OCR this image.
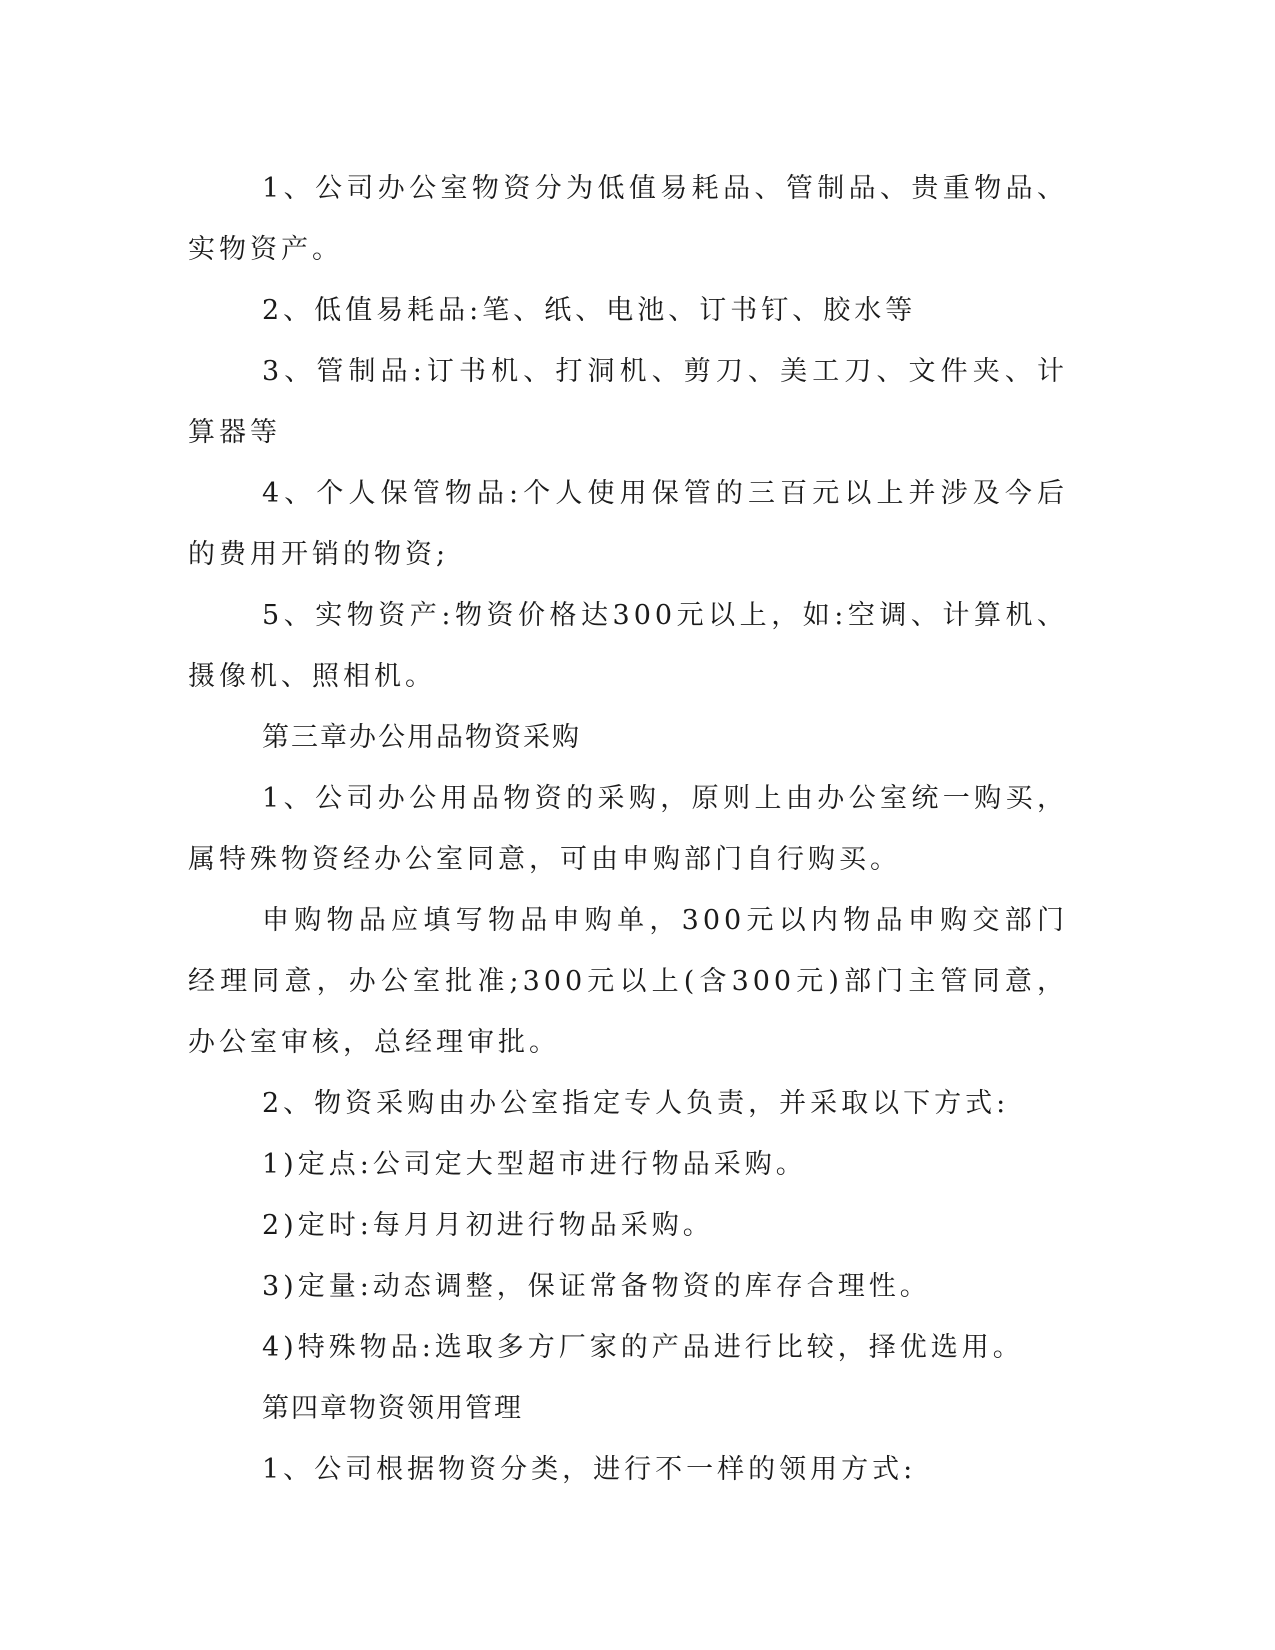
1、公司办公室物资分为低值易耗品、管制品、贵重物品、实物资产。

2、低值易耗品:笔、纸、电池、订书钉、胶水等

3、管制品:订书机、打洞机、剪刀、美工刀、文件夹、计算器等

4、个人保管物品:个人使用保管的三百元以上并涉及今后的费用开销的物资;

5、实物资产:物资价格达300元以上，如:空调、计算机、摄像机、照相机。

第三章办公用品物资采购

1、公司办公用品物资的采购，原则上由办公室统一购买，属特殊物资经办公室同意，可由申购部门自行购买。

申购物品应填写物品申购单，300元以内物品申购交部门经理同意，办公室批准;300元以上(含300元)部门主管同意，办公室审核，总经理审批。

2、物资采购由办公室指定专人负责，并采取以下方式:

1)定点:公司定大型超市进行物品采购。

2)定时:每月月初进行物品采购。

3)定量:动态调整，保证常备物资的库存合理性。

4)特殊物品:选取多方厂家的产品进行比较，择优选用。

第四章物资领用管理

1、公司根据物资分类，进行不一样的领用方式:
